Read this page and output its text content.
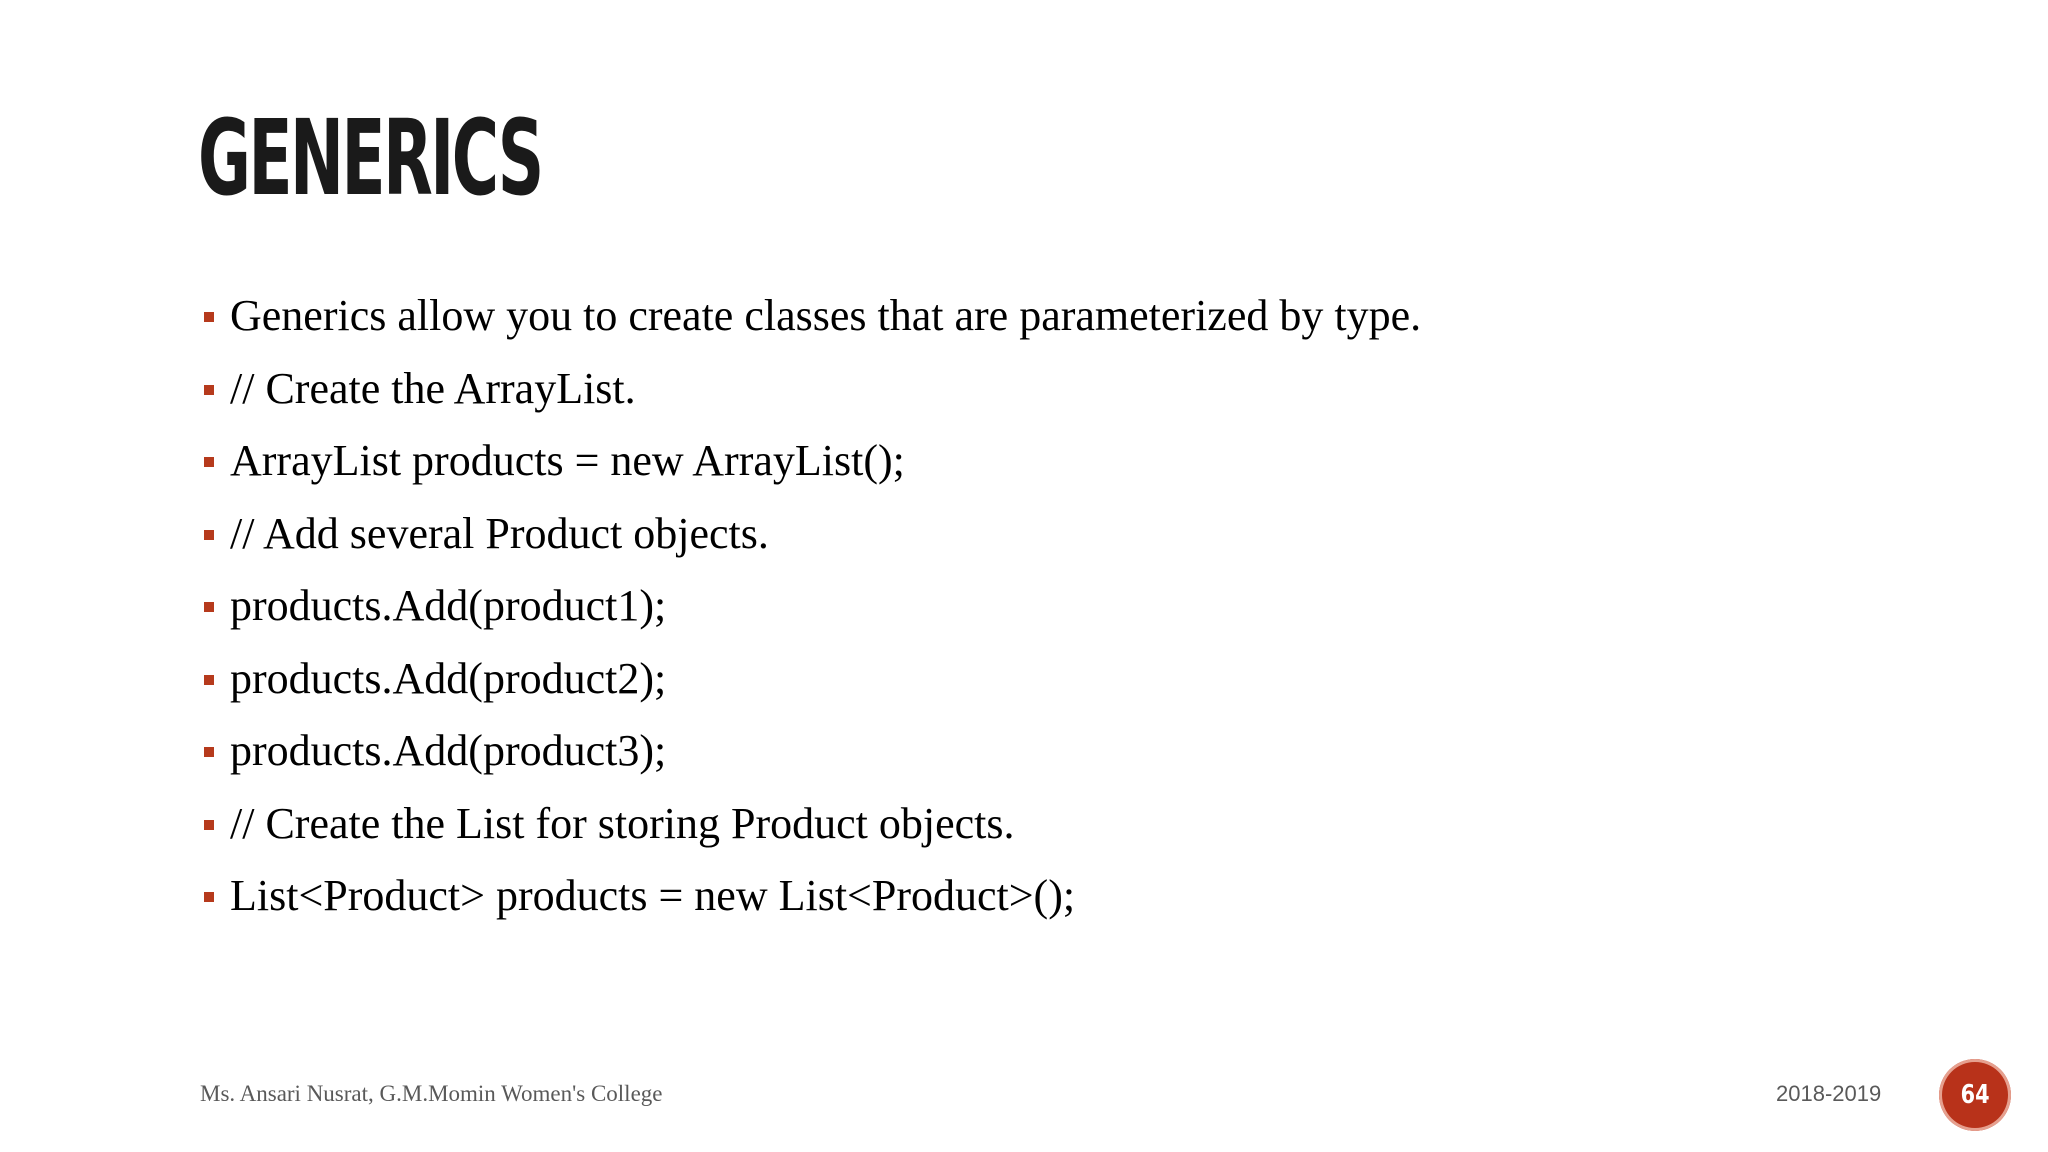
GENERICS
Generics allow you to create classes that are parameterized by type.
// Create the ArrayList.
ArrayList products = new ArrayList();
// Add several Product objects.
products.Add(product1);
products.Add(product2);
products.Add(product3);
// Create the List for storing Product objects.
List<Product> products = new List<Product>();
Ms. Ansari Nusrat, G.M.Momin Women's College	2018-2019	64
